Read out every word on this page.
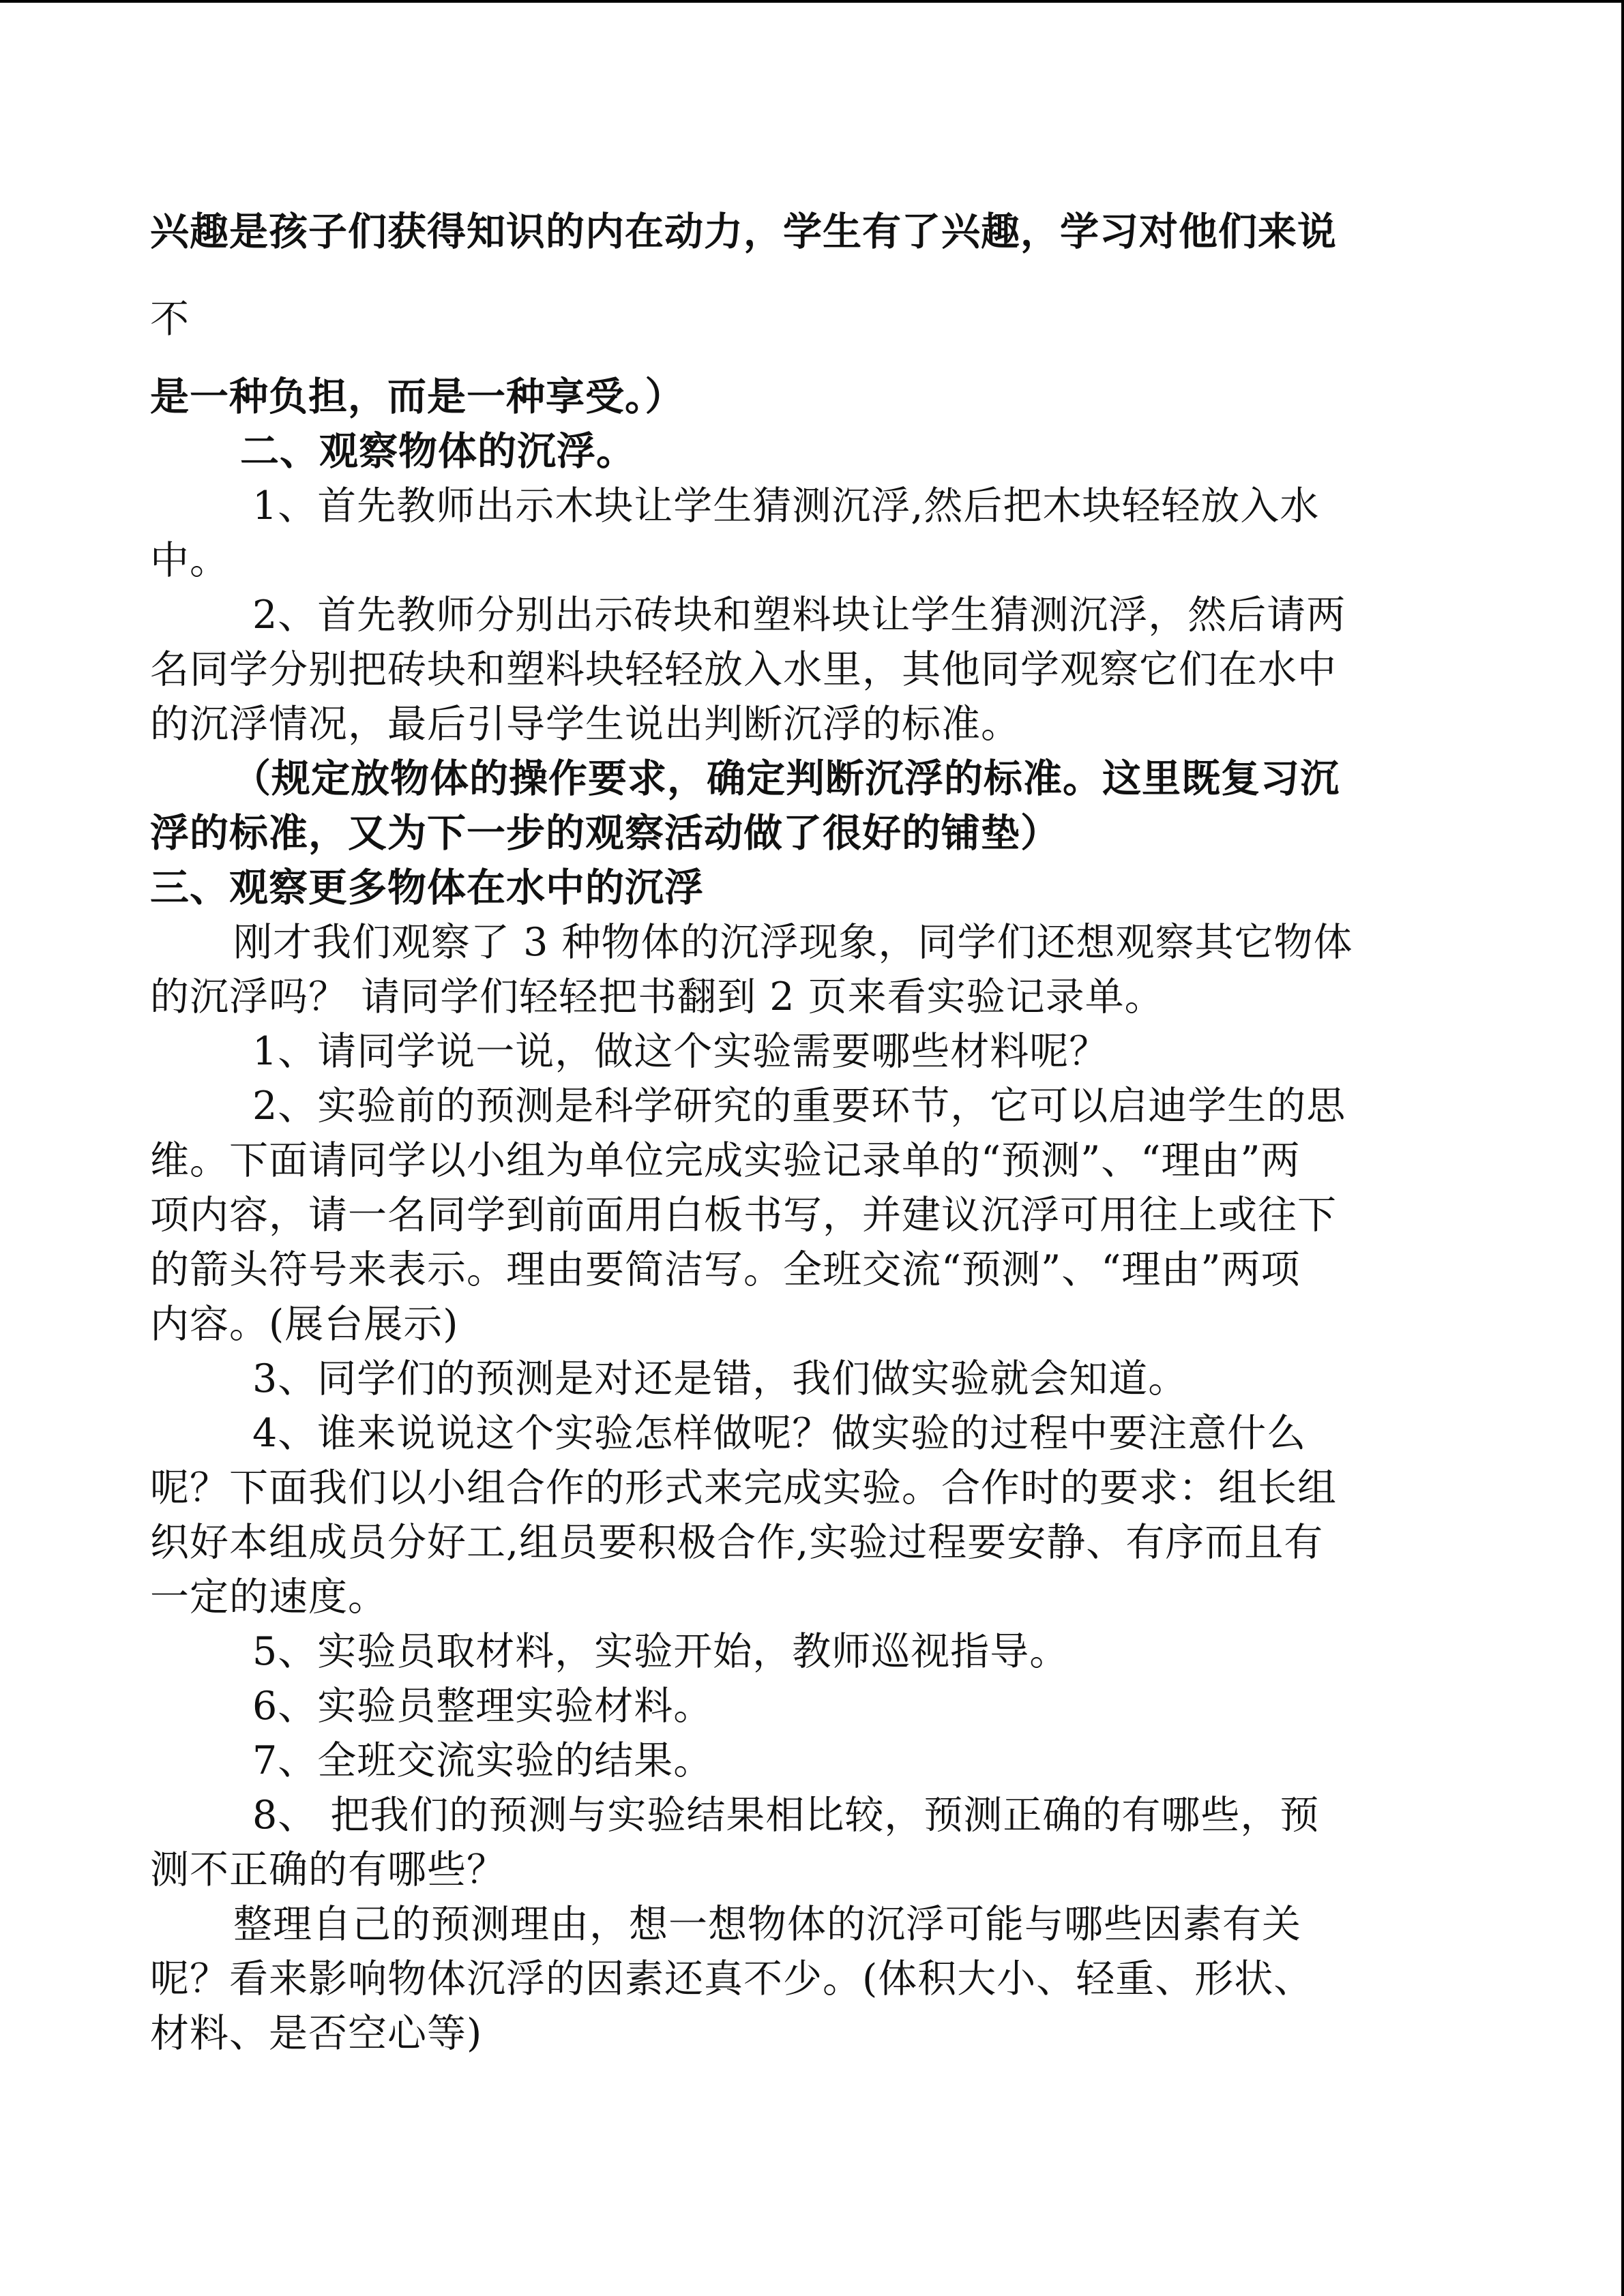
兴趣是孩子们获得知识的内在动力，学生有了兴趣，学习对他们来说
不
是一种负担，而是一种享受。）
二、观察物体的沉浮。
1、首先教师出示木块让学生猜测沉浮,然后把木块轻轻放入水
中。
2、首先教师分别出示砖块和塑料块让学生猜测沉浮，然后请两
名同学分别把砖块和塑料块轻轻放入水里，其他同学观察它们在水中
的沉浮情况，最后引导学生说出判断沉浮的标准。
（规定放物体的操作要求，确定判断沉浮的标准。这里既复习沉
浮的标准，又为下一步的观察活动做了很好的铺垫）
三、观察更多物体在水中的沉浮
刚才我们观察了 3 种物体的沉浮现象，同学们还想观察其它物体
的沉浮吗？ 请同学们轻轻把书翻到 2 页来看实验记录单。
1、请同学说一说，做这个实验需要哪些材料呢？
2、实验前的预测是科学研究的重要环节，它可以启迪学生的思
维。下面请同学以小组为单位完成实验记录单的“预测”、“理由”两
项内容，请一名同学到前面用白板书写，并建议沉浮可用往上或往下
的箭头符号来表示。理由要简洁写。全班交流“预测”、“理由”两项
内容。(展台展示)
3、同学们的预测是对还是错，我们做实验就会知道。
4、谁来说说这个实验怎样做呢？做实验的过程中要注意什么
呢？下面我们以小组合作的形式来完成实验。合作时的要求：组长组
织好本组成员分好工,组员要积极合作,实验过程要安静、有序而且有
一定的速度。
5、实验员取材料，实验开始，教师巡视指导。
6、实验员整理实验材料。
7、全班交流实验的结果。
8、 把我们的预测与实验结果相比较，预测正确的有哪些，预
测不正确的有哪些？
整理自己的预测理由，想一想物体的沉浮可能与哪些因素有关
呢？看来影响物体沉浮的因素还真不少。(体积大小、轻重、形状、
材料、是否空心等)
